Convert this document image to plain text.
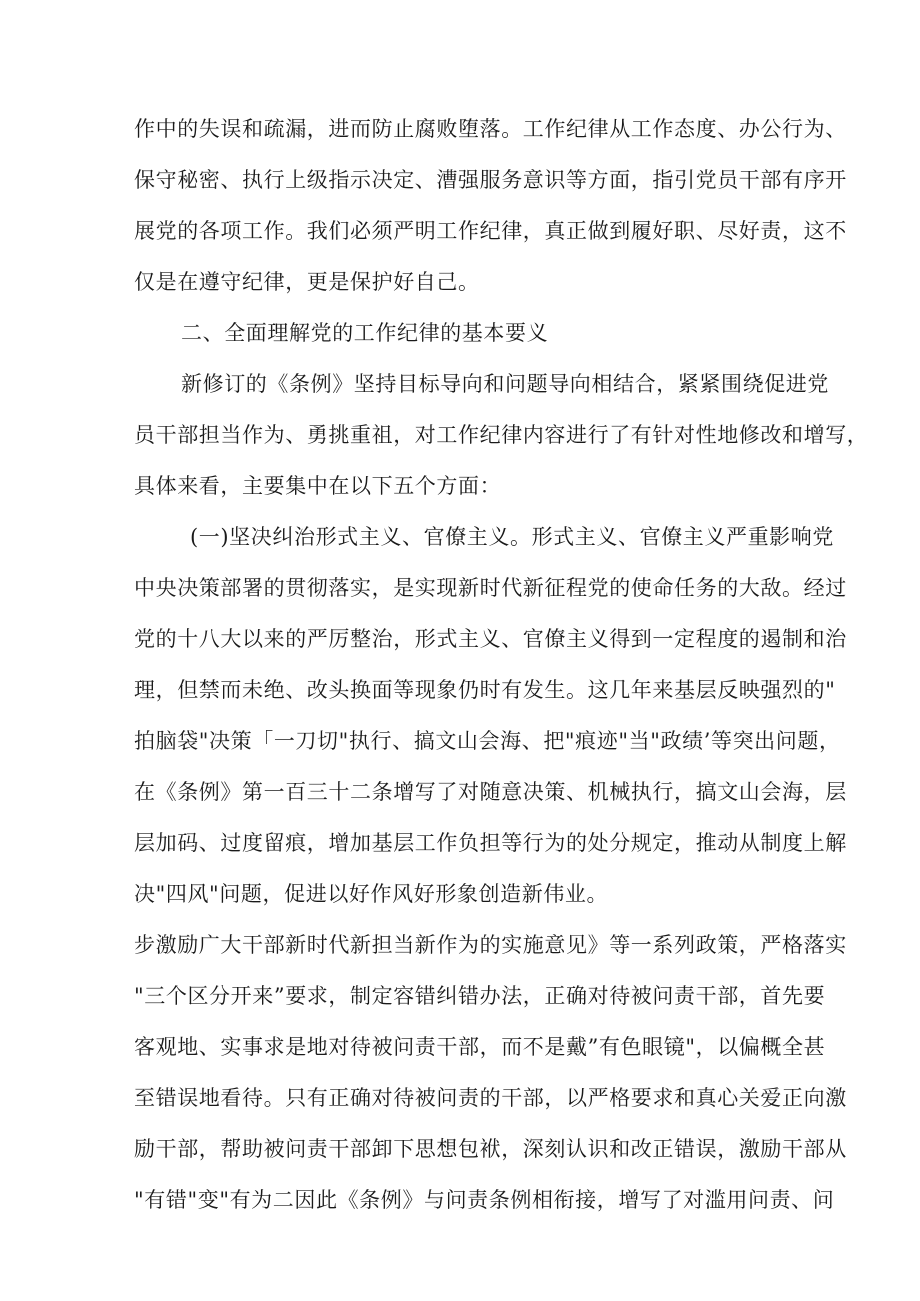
作中的失误和疏漏，进而防止腐败堕落。工作纪律从工作态度、办公行为、
保守秘密、执行上级指示决定、漕强服务意识等方面，指引党员干部有序开
展党的各项工作。我们必须严明工作纪律，真正做到履好职、尽好责，这不
仅是在遵守纪律，更是保护好自己。
二、全面理解党的工作纪律的基本要义
新修订的《条例》坚持目标导向和问题导向相结合，紧紧围绕促进党
员干部担当作为、勇挑重祖，对工作纪律内容进行了有针对性地修改和增写，
具体来看，主要集中在以下五个方面：
(一)坚决纠治形式主义、官僚主义。形式主义、官僚主义严重影响党
中央决策部署的贯彻落实，是实现新时代新征程党的使命任务的大敌。经过
党的十八大以来的严厉整治，形式主义、官僚主义得到一定程度的遏制和治
理，但禁而未绝、改头换面等现象仍时有发生。这几年来基层反映强烈的"
拍脑袋"决策「一刀切"执行、搞文山会海、把"痕迹"当"政绩’等突出问题，
在《条例》第一百三十二条增写了对随意决策、机械执行，搞文山会海，层
层加码、过度留痕，增加基层工作负担等行为的处分规定，推动从制度上解
决"四风"问题，促进以好作风好形象创造新伟业。
步激励广大干部新时代新担当新作为的实施意见》等一系列政策，严格落实
"三个区分开来”要求，制定容错纠错办法，正确对待被问责干部，首先要
客观地、实事求是地对待被问责干部，而不是戴”有色眼镜"，以偏概全甚
至错误地看待。只有正确对待被问责的干部，以严格要求和真心关爱正向激
励干部，帮助被问责干部卸下思想包袱，深刻认识和改正错误，激励干部从
"有错"变"有为二因此《条例》与问责条例相衔接，增写了对滥用问责、问
